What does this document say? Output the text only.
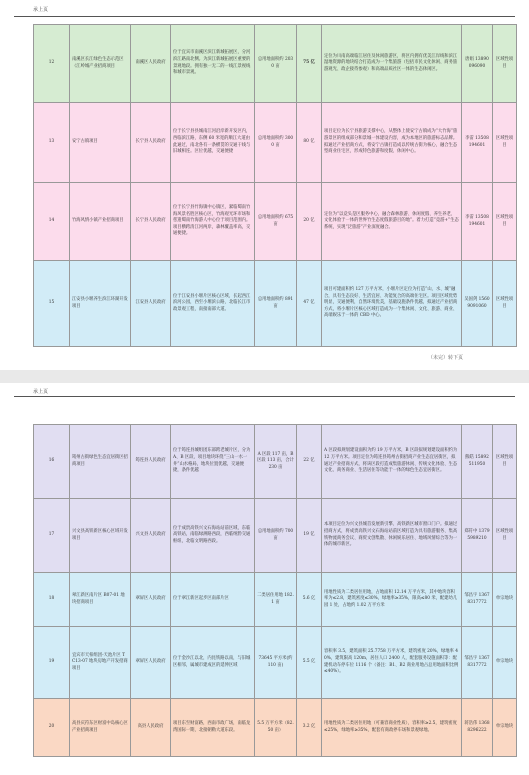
承上页
12	南溪区长江绿色生态示范区（江岭城产业招商项目	南溪区人民政府	位于宜宾市南溪区滨江新城拓展区，分河滨江路南北侧。为滨江新城拓展区重要的景观地段。拥有独一无二的一线江景视线和城市景观。	总用地面积约 2030 亩	75 亿	定位为川南高端临江居住及休闲旅游区，将区内拥有优美江岸线和滨江湿地资源的地块结合打造成为一个集旅游（包括市民文化休闲、商务旅游观光、政企接待参观）和高端品质社区一体的生态休闲区。	唐娟 13890096090	区域性项目
13	安宁古镇项目	长宁县人民政府	位于长宁县县城南江河沿岸新开发区内，西临滨江路，东侧 60 米宽的顺江大道由此通过，南北各有一条横贯的交通干线与旧城相连。区位优越，交通便捷	总用地面积约 3000 亩	80 亿	项目定位为长宁县旅游支撑中心，从整体上使安宁古镇成为“大竹海”旅游景区的组成部分和景城一体建设内容，成为本地区的旅游标志品牌。拟通过产业招商方式，将安宁古镇打造成以传统古街为核心，融合生态型商业住宅区，形成特色旅游和度假、休闲中心。	李雷 13508194601	区域性项目
14	竹海风情小镇产业招商项目	长宁县人民政府	位于长宁县竹海镇中心镇区，紧临蜀南竹海风景名胜区核心区，竹海观光环市场和慈遗蜀南竹海游人中心位于项目范围内。项目横跨清江河两岸，森林覆盖率高，交通便捷。	总用地面积约 675 亩	20 亿	定位为“以竞头是区服务中心，融合森林旅游、休闲度假、养生养老、文化体验于一体的世界竹生态度假旅游目的地”。着力打造“竞游+”生态系统，实现“泛旅游”产业深度融合。	李雷 13508194601	区域性项目
15	江安县小堰养生滨江环湖开发项目	江安县人民政府	位于江安县小堰片区核心区域，长起西江滨河公园，西至小堰滨公路，北临长江市政景观工程，南接南部大道。	总用地面积约 891 亩	47 亿	项目可建面积约 127 万平方米，小堰片区定位为打造“山、水、城”融合，具有生态良好、生活宜居、功能复合的高端住宅区。项目区域优势明显，交通便利，自然环境优美，基础设施条件优越，拟通过产业招商方式，将小堰片区核心区域打造成为一个集休闲、文化、旅游、商业、高端娱乐于一体的 CBD 中心。	吴国剑 15609091060	区域性项目
（未完）转下页
承上页
16	筠州古街绿色生态宜居街区招商项目	筠连县人民政府	位于筠连县城组团东部跨老城片区，分为 A、B 区段，项目地块环绕“三山一水一井”山水格局，地块位置优越，交通便捷，条件优越	A 区段 117 亩，B 区段 113 亩，合计 230 亩	22 亿	A 区段拟规划建设面积为约 19 万平方米，B 区段拟规划建设面积约为 12 万平方米。项目定位为筠连县筠州古街招商产业生态宜居街区，拟通过产业招商方式，将该区段打造成集旅游休闲、传统文化体验、生态文化、商务商业、生活居住等功能于一体的绿色生态宜居街区。	熊皓 15892511950	区域性项目
17	兴文县高铁新区核心区域开发项目	兴文县人民政府	位于成贵高铁兴文石海站站前区域，东临高铁站，南临绿洲路西段，西临纳黔交通枢纽，北临文明路西段。	总用地面积约 700 亩	19 亿	本项目定位为兴文县城首发展新引擎、高铁新区城市窗口门户。拟通过招商方式，将成贵高铁兴文石海站站前区域打造为具有旅游服务、集高铁物流商务会议、商贸文创集散、休闲娱乐居住、地域风情综合等为一体的城市新区。	郑符中 13795989210	区域性项目
18	翠江新区南片区 B07-01 地块招商项目	翠屏区人民政府	位于翠江新区起步区南部片区	二类居住用地 182.1 亩	5.6 亿	用地性质为二类居住用地，占地面积 12.14 万平方米，其中地块容积率为≤2.8，建筑密度≤30%，绿地率≥35%，限高≤80 米，配建幼儿园 1 处，占地约 1.02 万平方米	邹昌宇 13678317772	单宗地块
19	宜宾市天柏组团-天池片区 TC13-07 地块房地产开发招商项目	翠屏区人民政府	位于金沙江以北，内昆铁路以南，与旧城区相邻，属城市建成区的延伸区域	73645 平方米(约 110 亩)	5.5 亿	容积率 3.5，建筑面积 25.7758 万平方米，建筑密度 20%，绿地率 40%，建筑限高 120m，居住人口 2400 人，配套服务设施面积等：配建机动车停车位 1116 个（备注：B1、B2 商业用地占总用地面积比例≤40%）。	邹昌宇 13678317772	单宗地块
20	高县庆符东区财富中岛核心区产业招商项目	高县人民政府	项目东至财富路，西南市政广场，南临龙湾国际一期，北接朝勒大道东段。	5.5 万平方米（82.50 亩）	3.2 亿	用地性质为二类居住用地（可兼容商业性质），容积率≥2.5，建筑密度≤25%，绿地率≥35%，配套有商政停车场和景观绿地。	蒋浩伟 13688296222	单宗地块
